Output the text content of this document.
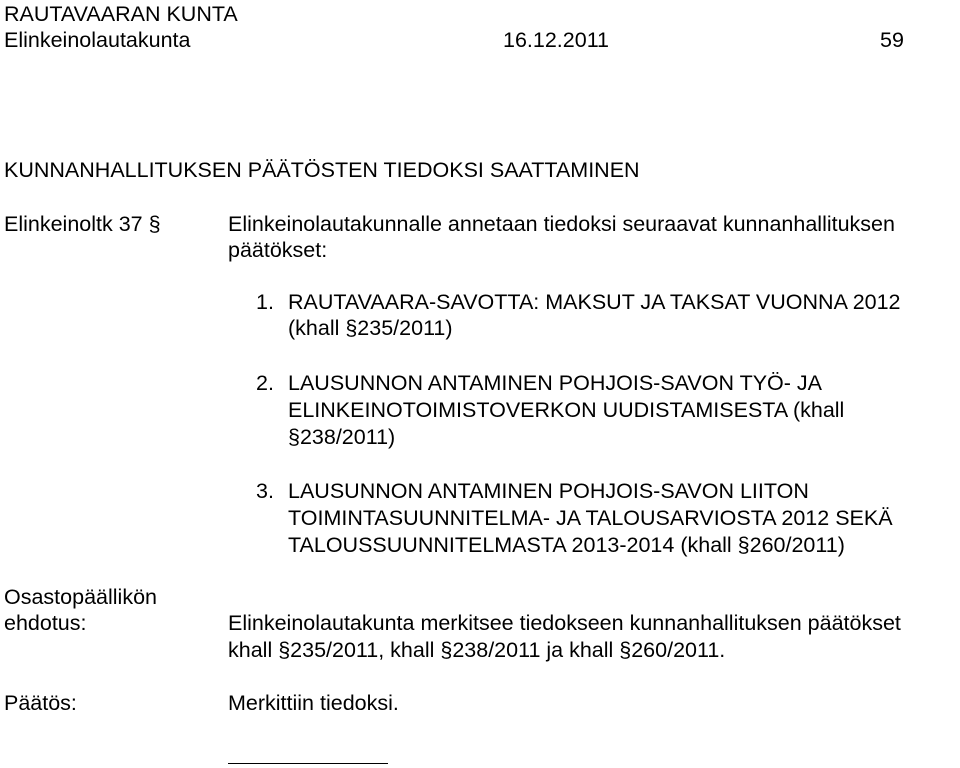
RAUTAVAARAN KUNTA
Elinkeinolautakunta	16.12.2011	59
KUNNANHALLITUKSEN PÄÄTÖSTEN TIEDOKSI SAATTAMINEN
Elinkeinoltk 37 §	Elinkeinolautakunnalle annetaan tiedoksi seuraavat kunnanhallituksen
päätökset:
1. RAUTAVAARA-SAVOTTA: MAKSUT JA TAKSAT VUONNA 2012
(khall §235/2011)
2. LAUSUNNON ANTAMINEN POHJOIS-SAVON TYÖ- JA
ELINKEINOTOIMISTOVERKON UUDISTAMISESTA (khall
§238/2011)
3. LAUSUNNON ANTAMINEN POHJOIS-SAVON LIITON
TOIMINTASUUNNITELMA- JA TALOUSARVIOSTA 2012 SEKÄ
TALOUSSUUNNITELMASTA 2013-2014 (khall §260/2011)
Osastopäällikön
ehdotus:	Elinkeinolautakunta merkitsee tiedokseen kunnanhallituksen päätökset
khall §235/2011, khall §238/2011 ja khall §260/2011.
Päätös:	Merkittiin tiedoksi.
